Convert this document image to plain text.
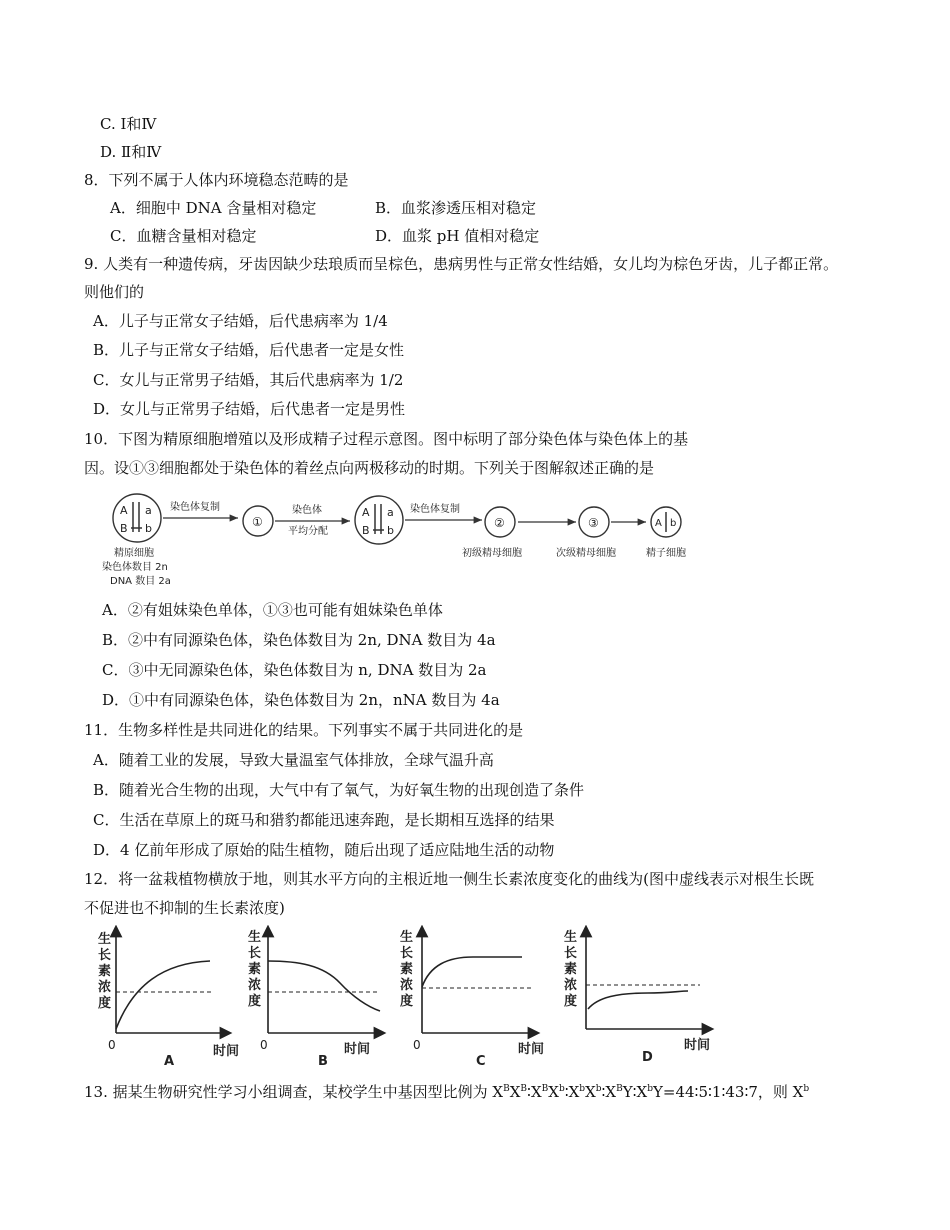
C. Ⅰ和Ⅳ
D. Ⅱ和Ⅳ
8．下列不属于人体内环境稳态范畴的是
A．细胞中 DNA 含量相对稳定	B．血浆渗透压相对稳定
C．血糖含量相对稳定	D．血浆 pH 值相对稳定
9. 人类有一种遗传病，牙齿因缺少珐琅质而呈棕色，患病男性与正常女性结婚，女儿均为棕色牙齿，儿子都正常。
则他们的
A．儿子与正常女子结婚，后代患病率为 1/4
B．儿子与正常女子结婚，后代患者一定是女性
C．女儿与正常男子结婚，其后代患病率为 1/2
D．女儿与正常男子结婚，后代患者一定是男性
10．下图为精原细胞增殖以及形成精子过程示意图。图中标明了部分染色体与染色体上的基
因。设①③细胞都处于染色体的着丝点向两极移动的时期。下列关于图解叙述正确的是
A a
B b
精原细胞
染色体数目 2n
DNA 数目 2a
染色体复制
①
染色体
平均分配
A a
B b
染色体复制
②
初级精母细胞
③
次级精母细胞
A b
精子细胞
A．②有姐妹染色单体，①③也可能有姐妹染色单体
B．②中有同源染色体，染色体数目为 2n, DNA 数目为 4a
C．③中无同源染色体，染色体数目为 n, DNA 数目为 2a
D．①中有同源染色体，染色体数目为 2n，nNA 数目为 4a
11．生物多样性是共同进化的结果。下列事实不属于共同进化的是
A．随着工业的发展，导致大量温室气体排放，全球气温升高
B．随着光合生物的出现，大气中有了氧气，为好氧生物的出现创造了条件
C．生活在草原上的斑马和猎豹都能迅速奔跑，是长期相互选择的结果
D．4 亿前年形成了原始的陆生植物，随后出现了适应陆地生活的动物
12．将一盆栽植物横放于地，则其水平方向的主根近地一侧生长素浓度变化的曲线为(图中虚线表示对根生长既
不促进也不抑制的生长素浓度)
生
长
素
浓
度
0	时间
A
生
长
素
浓
度
0	时间
B
生
长
素
浓
度
0	时间
C
生
长
素
浓
度
时间
D
13. 据某生物研究性学习小组调查，某校学生中基因型比例为 $X^BX^B∶X^BX^b∶X^bX^b∶X^BY∶X^bY=44∶5∶1∶43∶7$，则 $X^b$
